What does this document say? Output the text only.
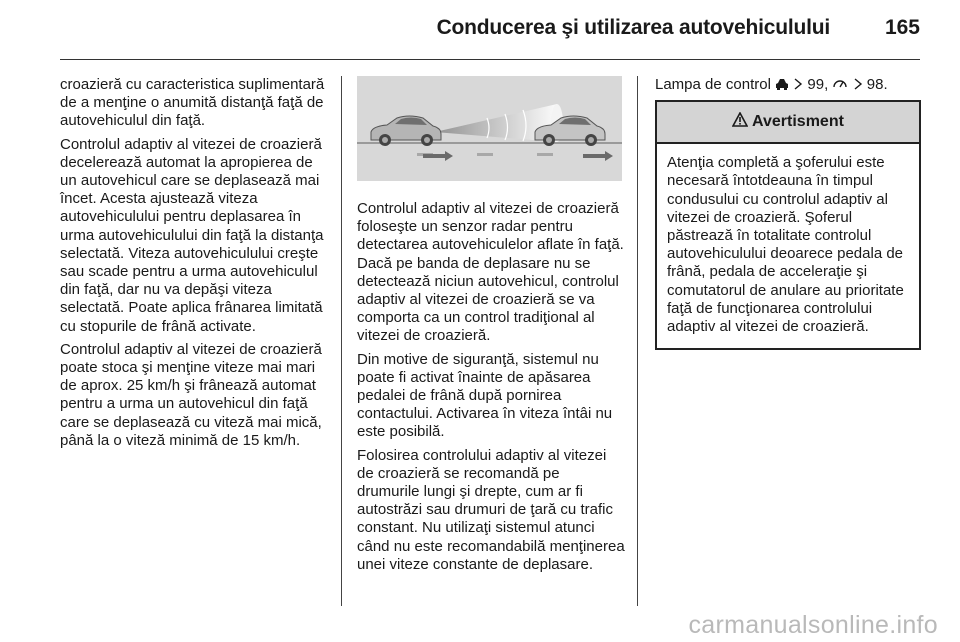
Conducerea şi utilizarea autovehiculului	165

croazieră cu caracteristica suplimentară de a menţine o anumită distanţă faţă de autovehiculul din faţă.

Controlul adaptiv al vitezei de croazieră decelerează automat la apropierea de un autovehicul care se deplasează mai încet. Acesta ajustează viteza autovehiculului pentru deplasarea în urma autovehiculului din faţă la distanţa selectată. Viteza autovehiculului creşte sau scade pentru a urma autovehiculul din faţă, dar nu va depăşi viteza selectată. Poate aplica frânarea limitată cu stopurile de frână activate.

Controlul adaptiv al vitezei de croazieră poate stoca şi menţine viteze mai mari de aprox. 25 km/h şi frânează automat pentru a urma un autovehicul din faţă care se deplasează cu viteză mai mică, până la o viteză minimă de 15 km/h.

Controlul adaptiv al vitezei de croazieră foloseşte un senzor radar pentru detectarea autovehiculelor aflate în faţă. Dacă pe banda de deplasare nu se detectează niciun autovehicul, controlul adaptiv al vitezei de croazieră se va comporta ca un control tradiţional al vitezei de croazieră.

Din motive de siguranţă, sistemul nu poate fi activat înainte de apăsarea pedalei de frână după pornirea contactului. Activarea în viteza întâi nu este posibilă.

Folosirea controlului adaptiv al vitezei de croazieră se recomandă pe drumurile lungi şi drepte, cum ar fi autostrăzi sau drumuri de ţară cu trafic constant. Nu utilizaţi sistemul atunci când nu este recomandabilă menţinerea unei viteze constante de deplasare.

Lampa de control 99,	98.

Avertisment
Atenţia completă a şoferului este necesară întotdeauna în timpul condusului cu controlul adaptiv al vitezei de croazieră. Şoferul păstrează în totalitate controlul autovehiculului deoarece pedala de frână, pedala de acceleraţie şi comutatorul de anulare au prioritate faţă de funcţionarea controlului adaptiv al vitezei de croazieră.
carmanualsonline.info
